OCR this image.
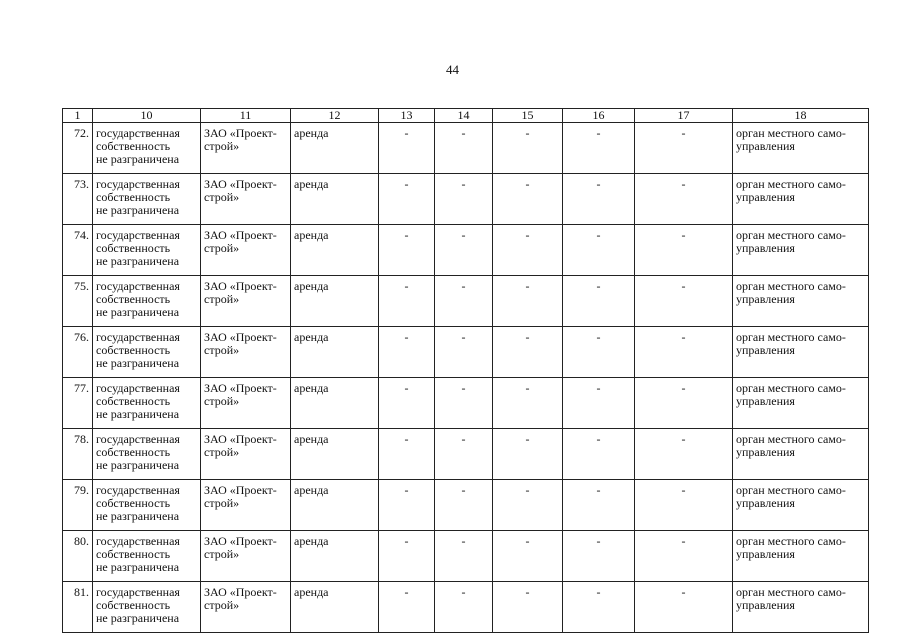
44
1	10	11	12	13	14	15	16	17	18
72.	государственная
собственность
не разграничена	ЗАО «Проект-
строй»	аренда	-	-	-	-	-	орган местного само-
управления
73.	государственная
собственность
не разграничена	ЗАО «Проект-
строй»	аренда	-	-	-	-	-	орган местного само-
управления
74.	государственная
собственность
не разграничена	ЗАО «Проект-
строй»	аренда	-	-	-	-	-	орган местного само-
управления
75.	государственная
собственность
не разграничена	ЗАО «Проект-
строй»	аренда	-	-	-	-	-	орган местного само-
управления
76.	государственная
собственность
не разграничена	ЗАО «Проект-
строй»	аренда	-	-	-	-	-	орган местного само-
управления
77.	государственная
собственность
не разграничена	ЗАО «Проект-
строй»	аренда	-	-	-	-	-	орган местного само-
управления
78.	государственная
собственность
не разграничена	ЗАО «Проект-
строй»	аренда	-	-	-	-	-	орган местного само-
управления
79.	государственная
собственность
не разграничена	ЗАО «Проект-
строй»	аренда	-	-	-	-	-	орган местного само-
управления
80.	государственная
собственность
не разграничена	ЗАО «Проект-
строй»	аренда	-	-	-	-	-	орган местного само-
управления
81.	государственная
собственность
не разграничена	ЗАО «Проект-
строй»	аренда	-	-	-	-	-	орган местного само-
управления
